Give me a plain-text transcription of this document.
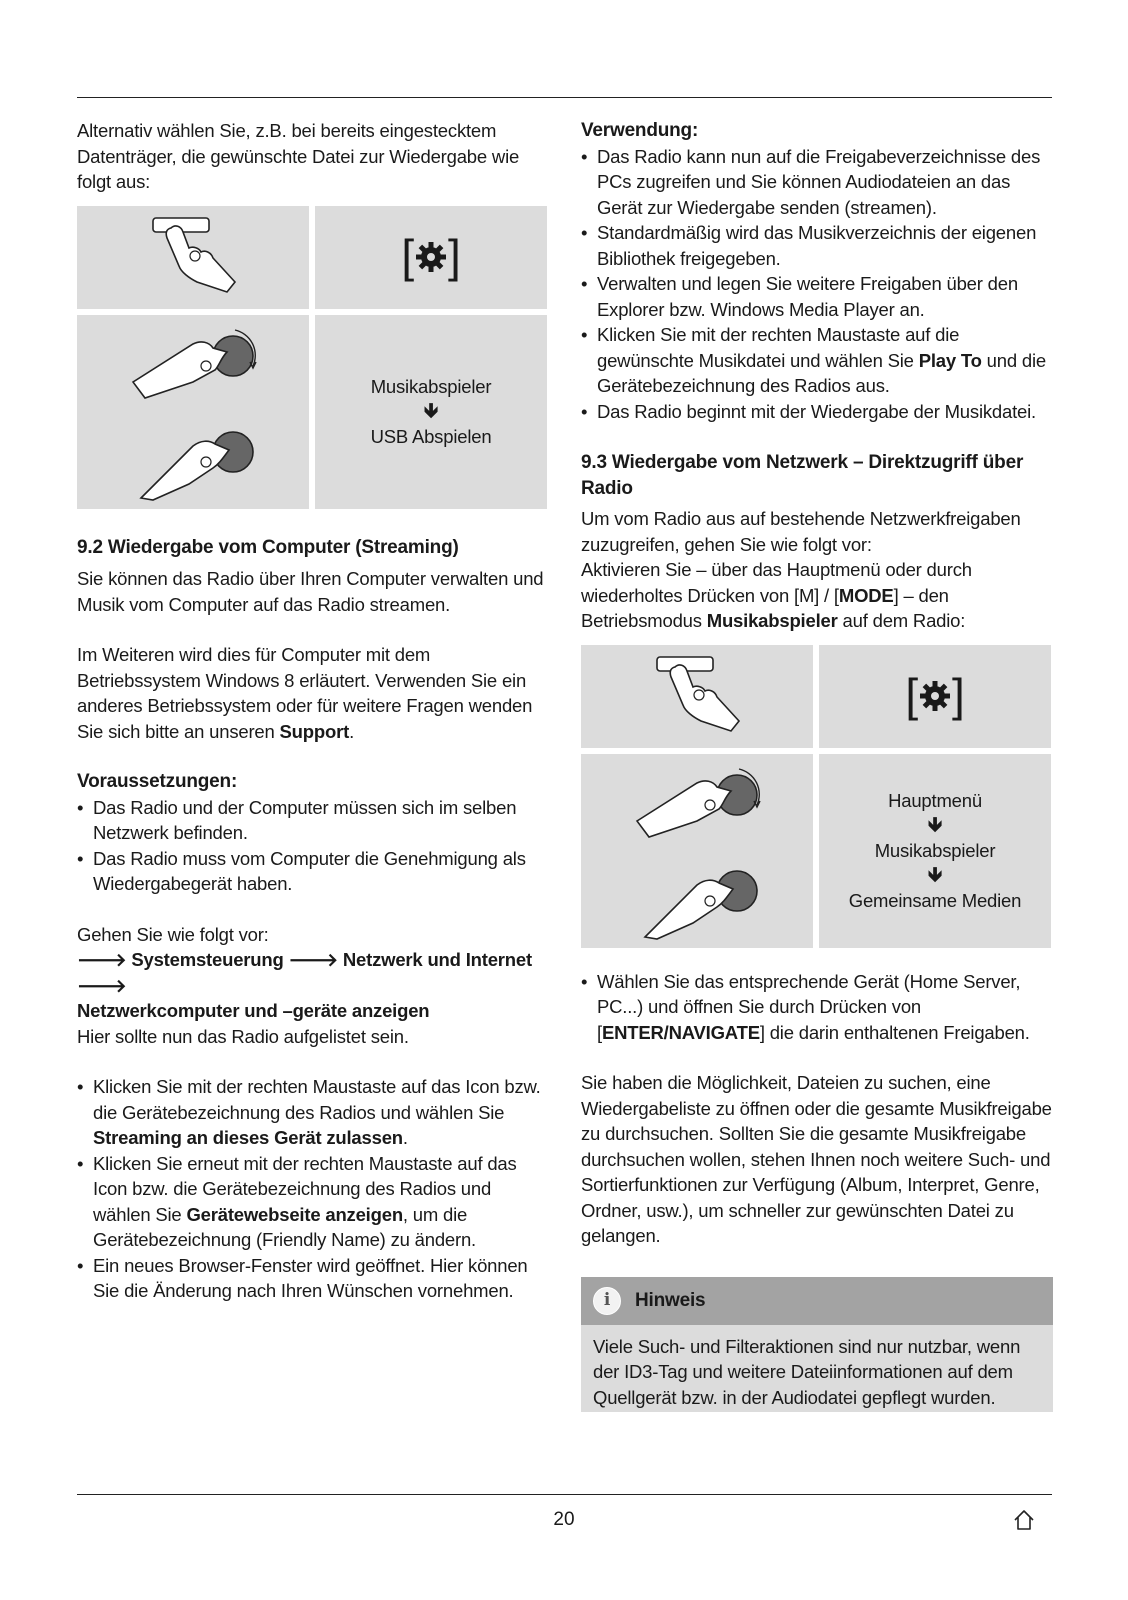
Alternativ wählen Sie, z.B. bei bereits eingestecktem Datenträger, die gewünschte Datei zur Wiedergabe wie folgt aus:

[ ]
Musikabspieler
🡻
USB Abspielen

9.2 Wiedergabe vom Computer (Streaming)

Sie können das Radio über Ihren Computer verwalten und Musik vom Computer auf das Radio streamen.

Im Weiteren wird dies für Computer mit dem Betriebssystem Windows 8 erläutert. Verwenden Sie ein anderes Betriebssystem oder für weitere Fragen wenden Sie sich bitte an unseren Support.

Voraussetzungen:

• Das Radio und der Computer müssen sich im selben Netzwerk befinden.
• Das Radio muss vom Computer die Genehmigung als Wiedergabegerät haben.

Gehen Sie wie folgt vor:

🡒 Systemsteuerung 🡒 Netzwerk und Internet 🡒
Netzwerkcomputer und –geräte anzeigen

Hier sollte nun das Radio aufgelistet sein.

• Klicken Sie mit der rechten Maustaste auf das Icon bzw. die Gerätebezeichnung des Radios und wählen Sie Streaming an dieses Gerät zulassen.
• Klicken Sie erneut mit der rechten Maustaste auf das Icon bzw. die Gerätebezeichnung des Radios und wählen Sie Gerätewebseite anzeigen, um die Gerätebezeichnung (Friendly Name) zu ändern.
• Ein neues Browser-Fenster wird geöffnet. Hier können Sie die Änderung nach Ihren Wünschen vornehmen.

Verwendung:

• Das Radio kann nun auf die Freigabeverzeichnisse des PCs zugreifen und Sie können Audiodateien an das Gerät zur Wiedergabe senden (streamen).
• Standardmäßig wird das Musikverzeichnis der eigenen Bibliothek freigegeben.
• Verwalten und legen Sie weitere Freigaben über den Explorer bzw. Windows Media Player an.
• Klicken Sie mit der rechten Maustaste auf die gewünschte Musikdatei und wählen Sie Play To und die Gerätebezeichnung des Radios aus.
• Das Radio beginnt mit der Wiedergabe der Musikdatei.

9.3 Wiedergabe vom Netzwerk – Direktzugriff über Radio

Um vom Radio aus auf bestehende Netzwerkfreigaben zuzugreifen, gehen Sie wie folgt vor:

Aktivieren Sie – über das Hauptmenü oder durch wiederholtes Drücken von [M] / [MODE] – den Betriebsmodus Musikabspieler auf dem Radio:

[ ]
Hauptmenü
🡻
Musikabspieler
🡻
Gemeinsame Medien
• Wählen Sie das entsprechende Gerät (Home Server, PC...) und öffnen Sie durch Drücken von [ENTER/NAVIGATE] die darin enthaltenen Freigaben.

Sie haben die Möglichkeit, Dateien zu suchen, eine Wiedergabeliste zu öffnen oder die gesamte Musikfreigabe zu durchsuchen. Sollten Sie die gesamte Musikfreigabe durchsuchen wollen, stehen Ihnen noch weitere Such- und Sortierfunktionen zur Verfügung (Album, Interpret, Genre, Ordner, usw.), um schneller zur gewünschten Datei zu gelangen.

i	Hinweis
Viele Such- und Filteraktionen sind nur nutzbar, wenn der ID3-Tag und weitere Dateiinformationen auf dem Quellgerät bzw. in der Audiodatei gepflegt wurden.
20
